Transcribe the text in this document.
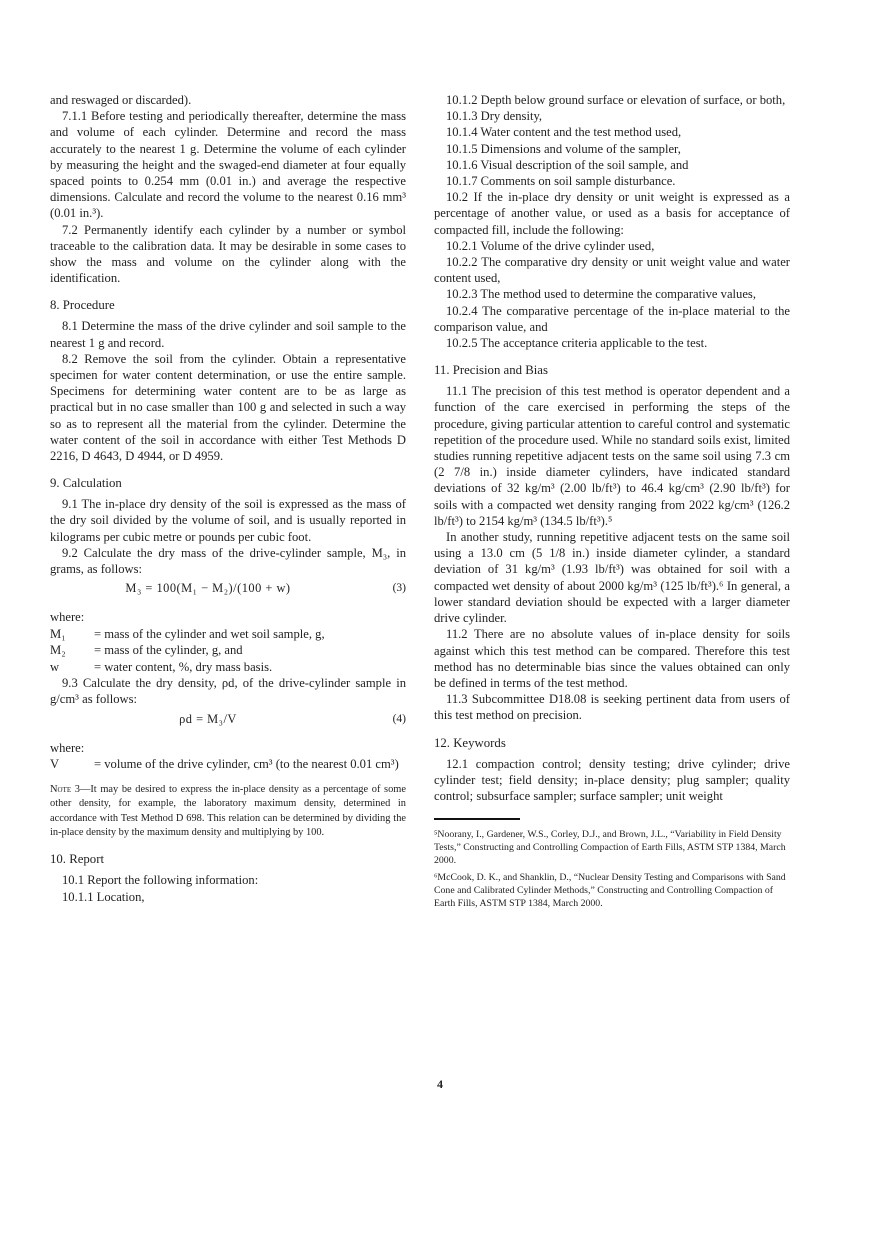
and reswaged or discarded).

7.1.1 Before testing and periodically thereafter, determine the mass and volume of each cylinder. Determine and record the mass accurately to the nearest 1 g. Determine the volume of each cylinder by measuring the height and the swaged-end diameter at four equally spaced points to 0.254 mm (0.01 in.) and average the respective dimensions. Calculate and record the volume to the nearest 0.16 mm³ (0.01 in.³).

7.2 Permanently identify each cylinder by a number or symbol traceable to the calibration data. It may be desirable in some cases to show the mass and volume on the cylinder along with the identification.

8. Procedure

8.1 Determine the mass of the drive cylinder and soil sample to the nearest 1 g and record.

8.2 Remove the soil from the cylinder. Obtain a representative specimen for water content determination, or use the entire sample. Specimens for determining water content are to be as large as practical but in no case smaller than 100 g and selected in such a way so as to represent all the material from the cylinder. Determine the water content of the soil in accordance with either Test Methods D 2216, D 4643, D 4944, or D 4959.

9. Calculation

9.1 The in-place dry density of the soil is expressed as the mass of the dry soil divided by the volume of soil, and is usually reported in kilograms per cubic metre or pounds per cubic foot.

9.2 Calculate the dry mass of the drive-cylinder sample, M₃, in grams, as follows:

M₃ = 100(M₁ − M₂)/(100 + w)	(3)
where:
M₁	= mass of the cylinder and wet soil sample, g,
M₂	= mass of the cylinder, g, and
w	= water content, %, dry mass basis.

9.3 Calculate the dry density, ρd, of the drive-cylinder sample in g/cm³ as follows:

ρd = M₃/V	(4)
where:
V	= volume of the drive cylinder, cm³ (to the nearest 0.01 cm³)
Note 3—It may be desired to express the in-place density as a percentage of some other density, for example, the laboratory maximum density, determined in accordance with Test Method D 698. This relation can be determined by dividing the in-place density by the maximum density and multiplying by 100.
10. Report

10.1 Report the following information:

10.1.1 Location,

10.1.2 Depth below ground surface or elevation of surface, or both,

10.1.3 Dry density,

10.1.4 Water content and the test method used,

10.1.5 Dimensions and volume of the sampler,

10.1.6 Visual description of the soil sample, and

10.1.7 Comments on soil sample disturbance.

10.2 If the in-place dry density or unit weight is expressed as a percentage of another value, or used as a basis for acceptance of compacted fill, include the following:

10.2.1 Volume of the drive cylinder used,

10.2.2 The comparative dry density or unit weight value and water content used,

10.2.3 The method used to determine the comparative values,

10.2.4 The comparative percentage of the in-place material to the comparison value, and

10.2.5 The acceptance criteria applicable to the test.

11. Precision and Bias

11.1 The precision of this test method is operator dependent and a function of the care exercised in performing the steps of the procedure, giving particular attention to careful control and systematic repetition of the procedure used. While no standard soils exist, limited studies running repetitive adjacent tests on the same soil using 7.3 cm (2 7/8 in.) inside diameter cylinders, have indicated standard deviations of 32 kg/m³ (2.00 lb/ft³) to 46.4 kg/cm³ (2.90 lb/ft³) for soils with a compacted wet density ranging from 2022 kg/cm³ (126.2 lb/ft³) to 2154 kg/m³ (134.5 lb/ft³).⁵

In another study, running repetitive adjacent tests on the same soil using a 13.0 cm (5 1/8 in.) inside diameter cylinder, a standard deviation of 31 kg/m³ (1.93 lb/ft³) was obtained for soil with a compacted wet density of about 2000 kg/m³ (125 lb/ft³).⁶ In general, a lower standard deviation should be expected with a larger diameter drive cylinder.

11.2 There are no absolute values of in-place density for soils against which this test method can be compared. Therefore this test method has no determinable bias since the values obtained can only be defined in terms of the test method.

11.3 Subcommittee D18.08 is seeking pertinent data from users of this test method on precision.

12. Keywords

12.1 compaction control; density testing; drive cylinder; drive cylinder test; field density; in-place density; plug sampler; quality control; subsurface sampler; surface sampler; unit weight

⁵Noorany, I., Gardener, W.S., Corley, D.J., and Brown, J.L., “Variability in Field Density Tests,” Constructing and Controlling Compaction of Earth Fills, ASTM STP 1384, March 2000.

⁶McCook, D. K., and Shanklin, D., “Nuclear Density Testing and Comparisons with Sand Cone and Calibrated Cylinder Methods,” Constructing and Controlling Compaction of Earth Fills, ASTM STP 1384, March 2000.

4
